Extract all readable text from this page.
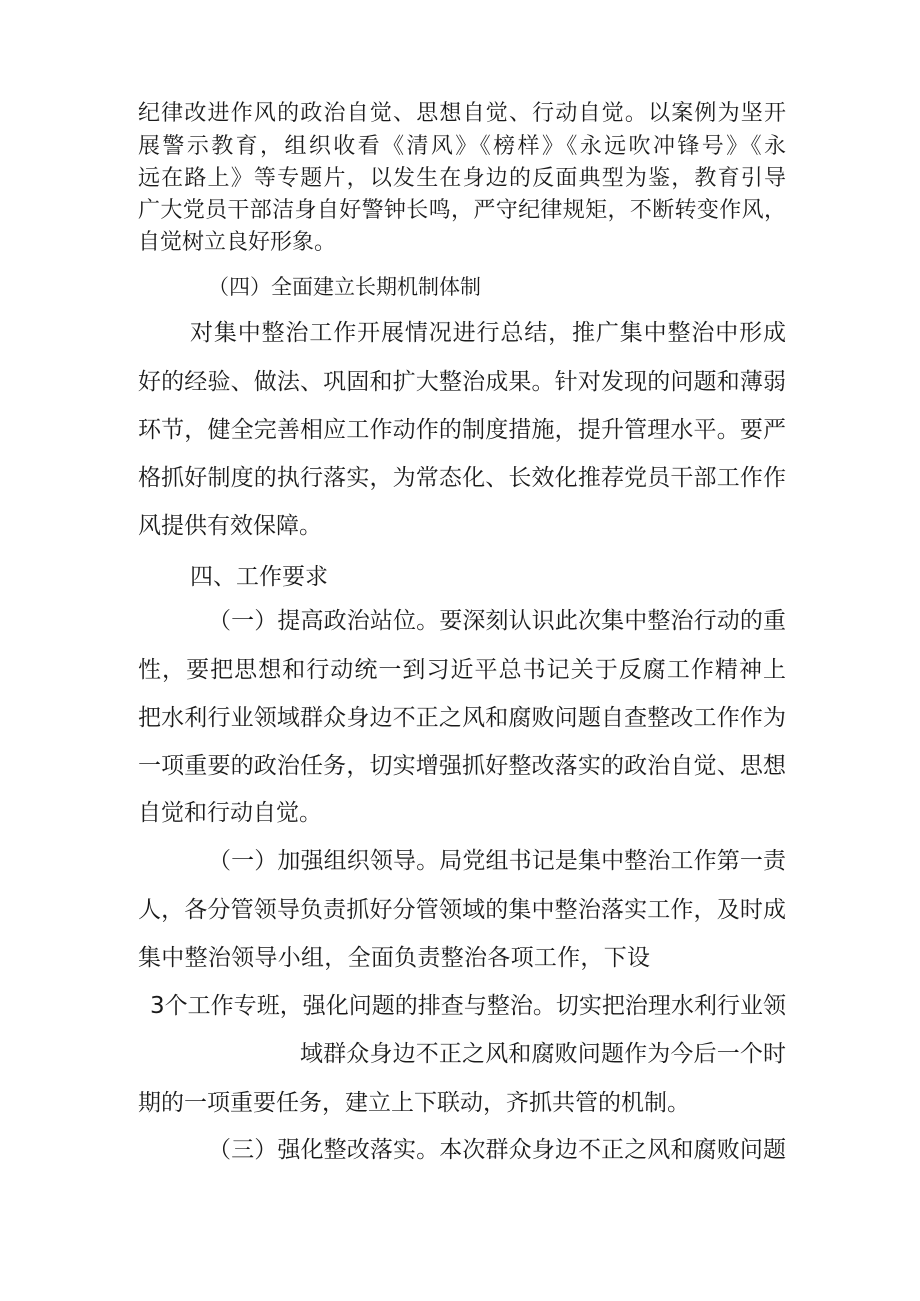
纪律改进作风的政治自觉、思想自觉、行动自觉。以案例为坚开
展警示教育，组织收看《清风》《榜样》《永远吹冲锋号》《永
远在路上》等专题片，以发生在身边的反面典型为鉴，教育引导
广大党员干部洁身自好警钟长鸣，严守纪律规矩，不断转变作风，
自觉树立良好形象。
（四）全面建立长期机制体制
对集中整治工作开展情况进行总结，推广集中整治中形成
好的经验、做法、巩固和扩大整治成果。针对发现的问题和薄弱
环节，健全完善相应工作动作的制度措施，提升管理水平。要严
格抓好制度的执行落实，为常态化、长效化推荐党员干部工作作
风提供有效保障。
四、工作要求
（一）提高政治站位。要深刻认识此次集中整治行动的重
性，要把思想和行动统一到习近平总书记关于反腐工作精神上
把水利行业领域群众身边不正之风和腐败问题自查整改工作作为
一项重要的政治任务，切实增强抓好整改落实的政治自觉、思想
自觉和行动自觉。
（一）加强组织领导。局党组书记是集中整治工作第一责
人，各分管领导负责抓好分管领域的集中整治落实工作，及时成
集中整治领导小组，全面负责整治各项工作，下设
3个工作专班，强化问题的排查与整治。切实把治理水利行业领
域群众身边不正之风和腐败问题作为今后一个时
期的一项重要任务，建立上下联动，齐抓共管的机制。
（三）强化整改落实。本次群众身边不正之风和腐败问题
